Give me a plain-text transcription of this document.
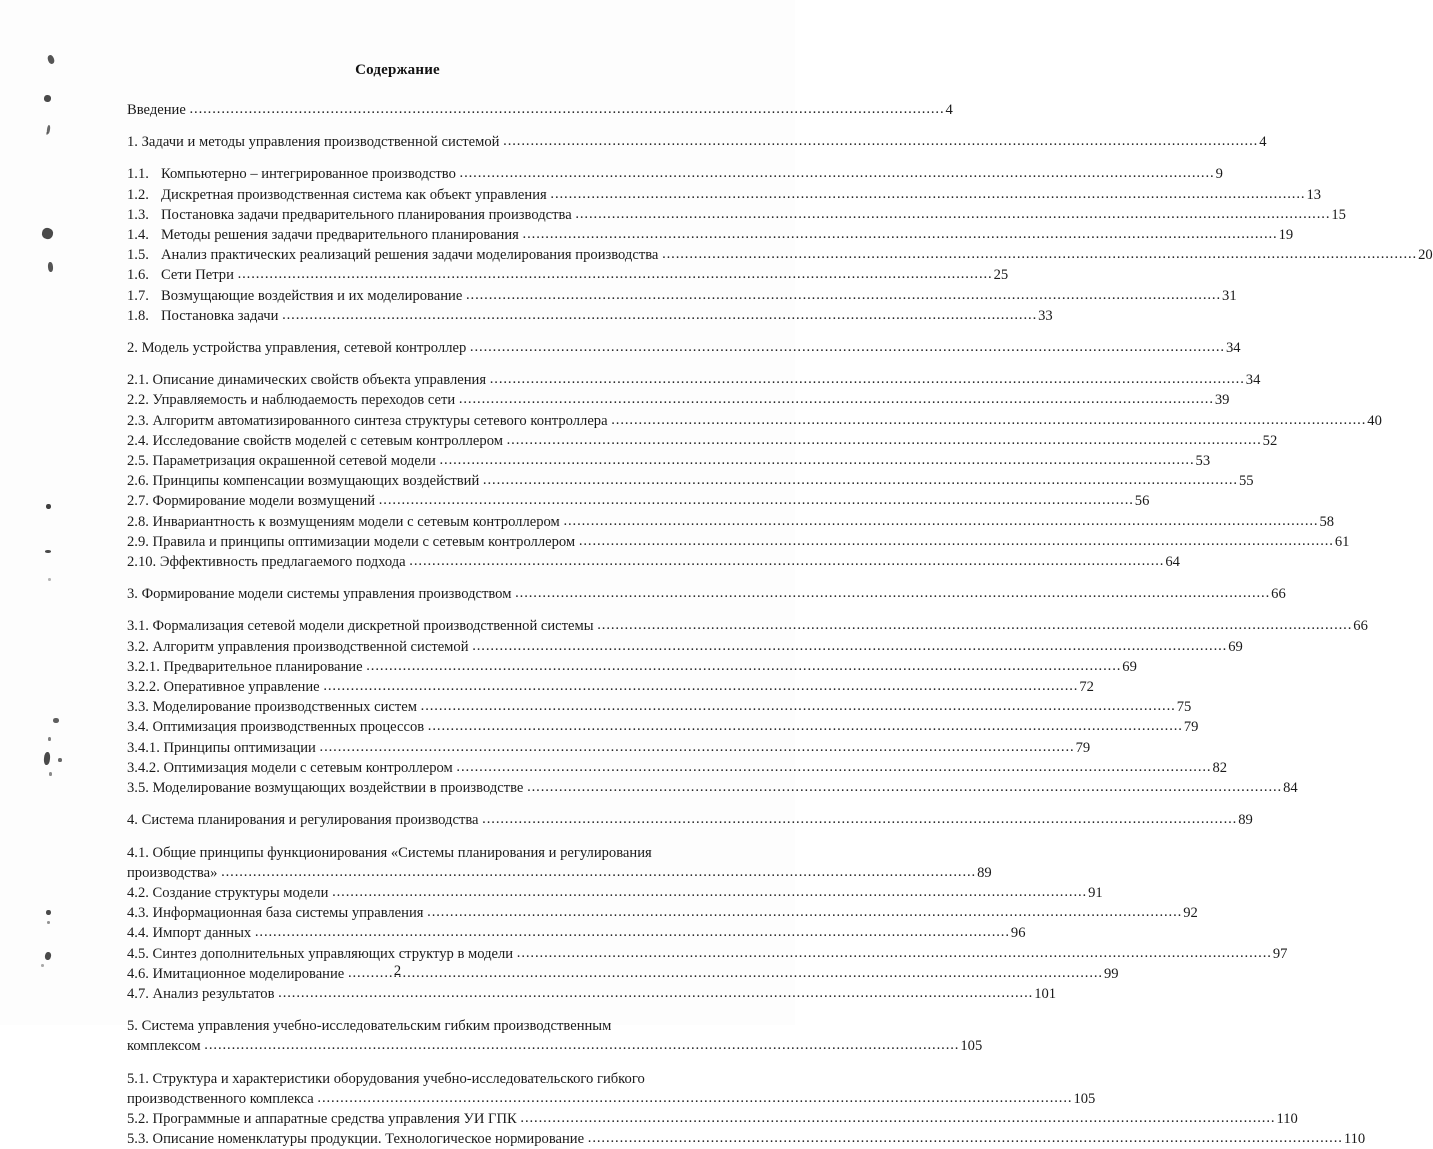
Содержание
Введение
.....	4
1.
Задачи и методы управления производственной системой
.....	4
1.1. Компьютерно – интегрированное производство
.....	9
1.2. Дискретная производственная система как объект управления
.....	13
1.3. Постановка задачи предварительного планирования производства
.....	15
1.4. Методы решения задачи предварительного планирования
.....	19
1.5. Анализ практических реализаций решения задачи моделирования производства
.....	20
1.6. Сети Петри
.....	25
1.7. Возмущающие воздействия и их моделирование
.....	31
1.8. Постановка задачи
.....	33
2.
Модель устройства управления, сетевой контроллер
.....	34
2.1.
Описание динамических свойств объекта управления
.....	34
2.2.
Управляемость и наблюдаемость переходов сети
.....	39
2.3.
Алгоритм автоматизированного синтеза структуры сетевого контроллера
.....	40
2.4.
Исследование свойств моделей с сетевым контроллером
.....	52
2.5.
Параметризация окрашенной сетевой модели
.....	53
2.6.
Принципы компенсации возмущающих воздействий
.....	55
2.7.
Формирование модели возмущений
.....	56
2.8.
Инвариантность к возмущениям модели с сетевым контроллером
.....	58
2.9.
Правила и принципы оптимизации модели с сетевым контроллером
.....	61
2.10.
Эффективность предлагаемого подхода
.....	64
3.
Формирование модели системы управления производством
.....	66
3.1.
Формализация сетевой модели дискретной производственной системы
.....	66
3.2.
Алгоритм управления производственной системой
.....	69
3.2.1.
Предварительное планирование
.....	69
3.2.2.
Оперативное управление
.....	72
3.3.
Моделирование производственных систем
.....	75
3.4.
Оптимизация производственных процессов
.....	79
3.4.1.
Принципы оптимизации
.....	79
3.4.2.
Оптимизация модели с сетевым контроллером
.....	82
3.5.
Моделирование возмущающих воздействии в производстве
.....	84
4.
Система планирования и регулирования производства
.....	89
4.1. Общие принципы функционирования «Системы планирования и регулирования
производства»
.....	89
4.2.
Создание структуры модели
.....	91
4.3.
Информационная база системы управления
.....	92
4.4.
Импорт данных
.....	96
4.5.
Синтез дополнительных управляющих структур в модели
.....	97
4.6.
Имитационное моделирование
.....	99
4.7.
Анализ результатов
.....	101
5. Система управления учебно-исследовательским гибким производственным
комплексом
.....	105
5.1. Структура и характеристики оборудования учебно-исследовательского гибкого
производственного комплекса
.....	105
5.2.
Программные и аппаратные средства управления УИ ГПК
.....	110
5.3.
Описание номенклатуры продукции. Технологическое нормирование
.....	110
2
